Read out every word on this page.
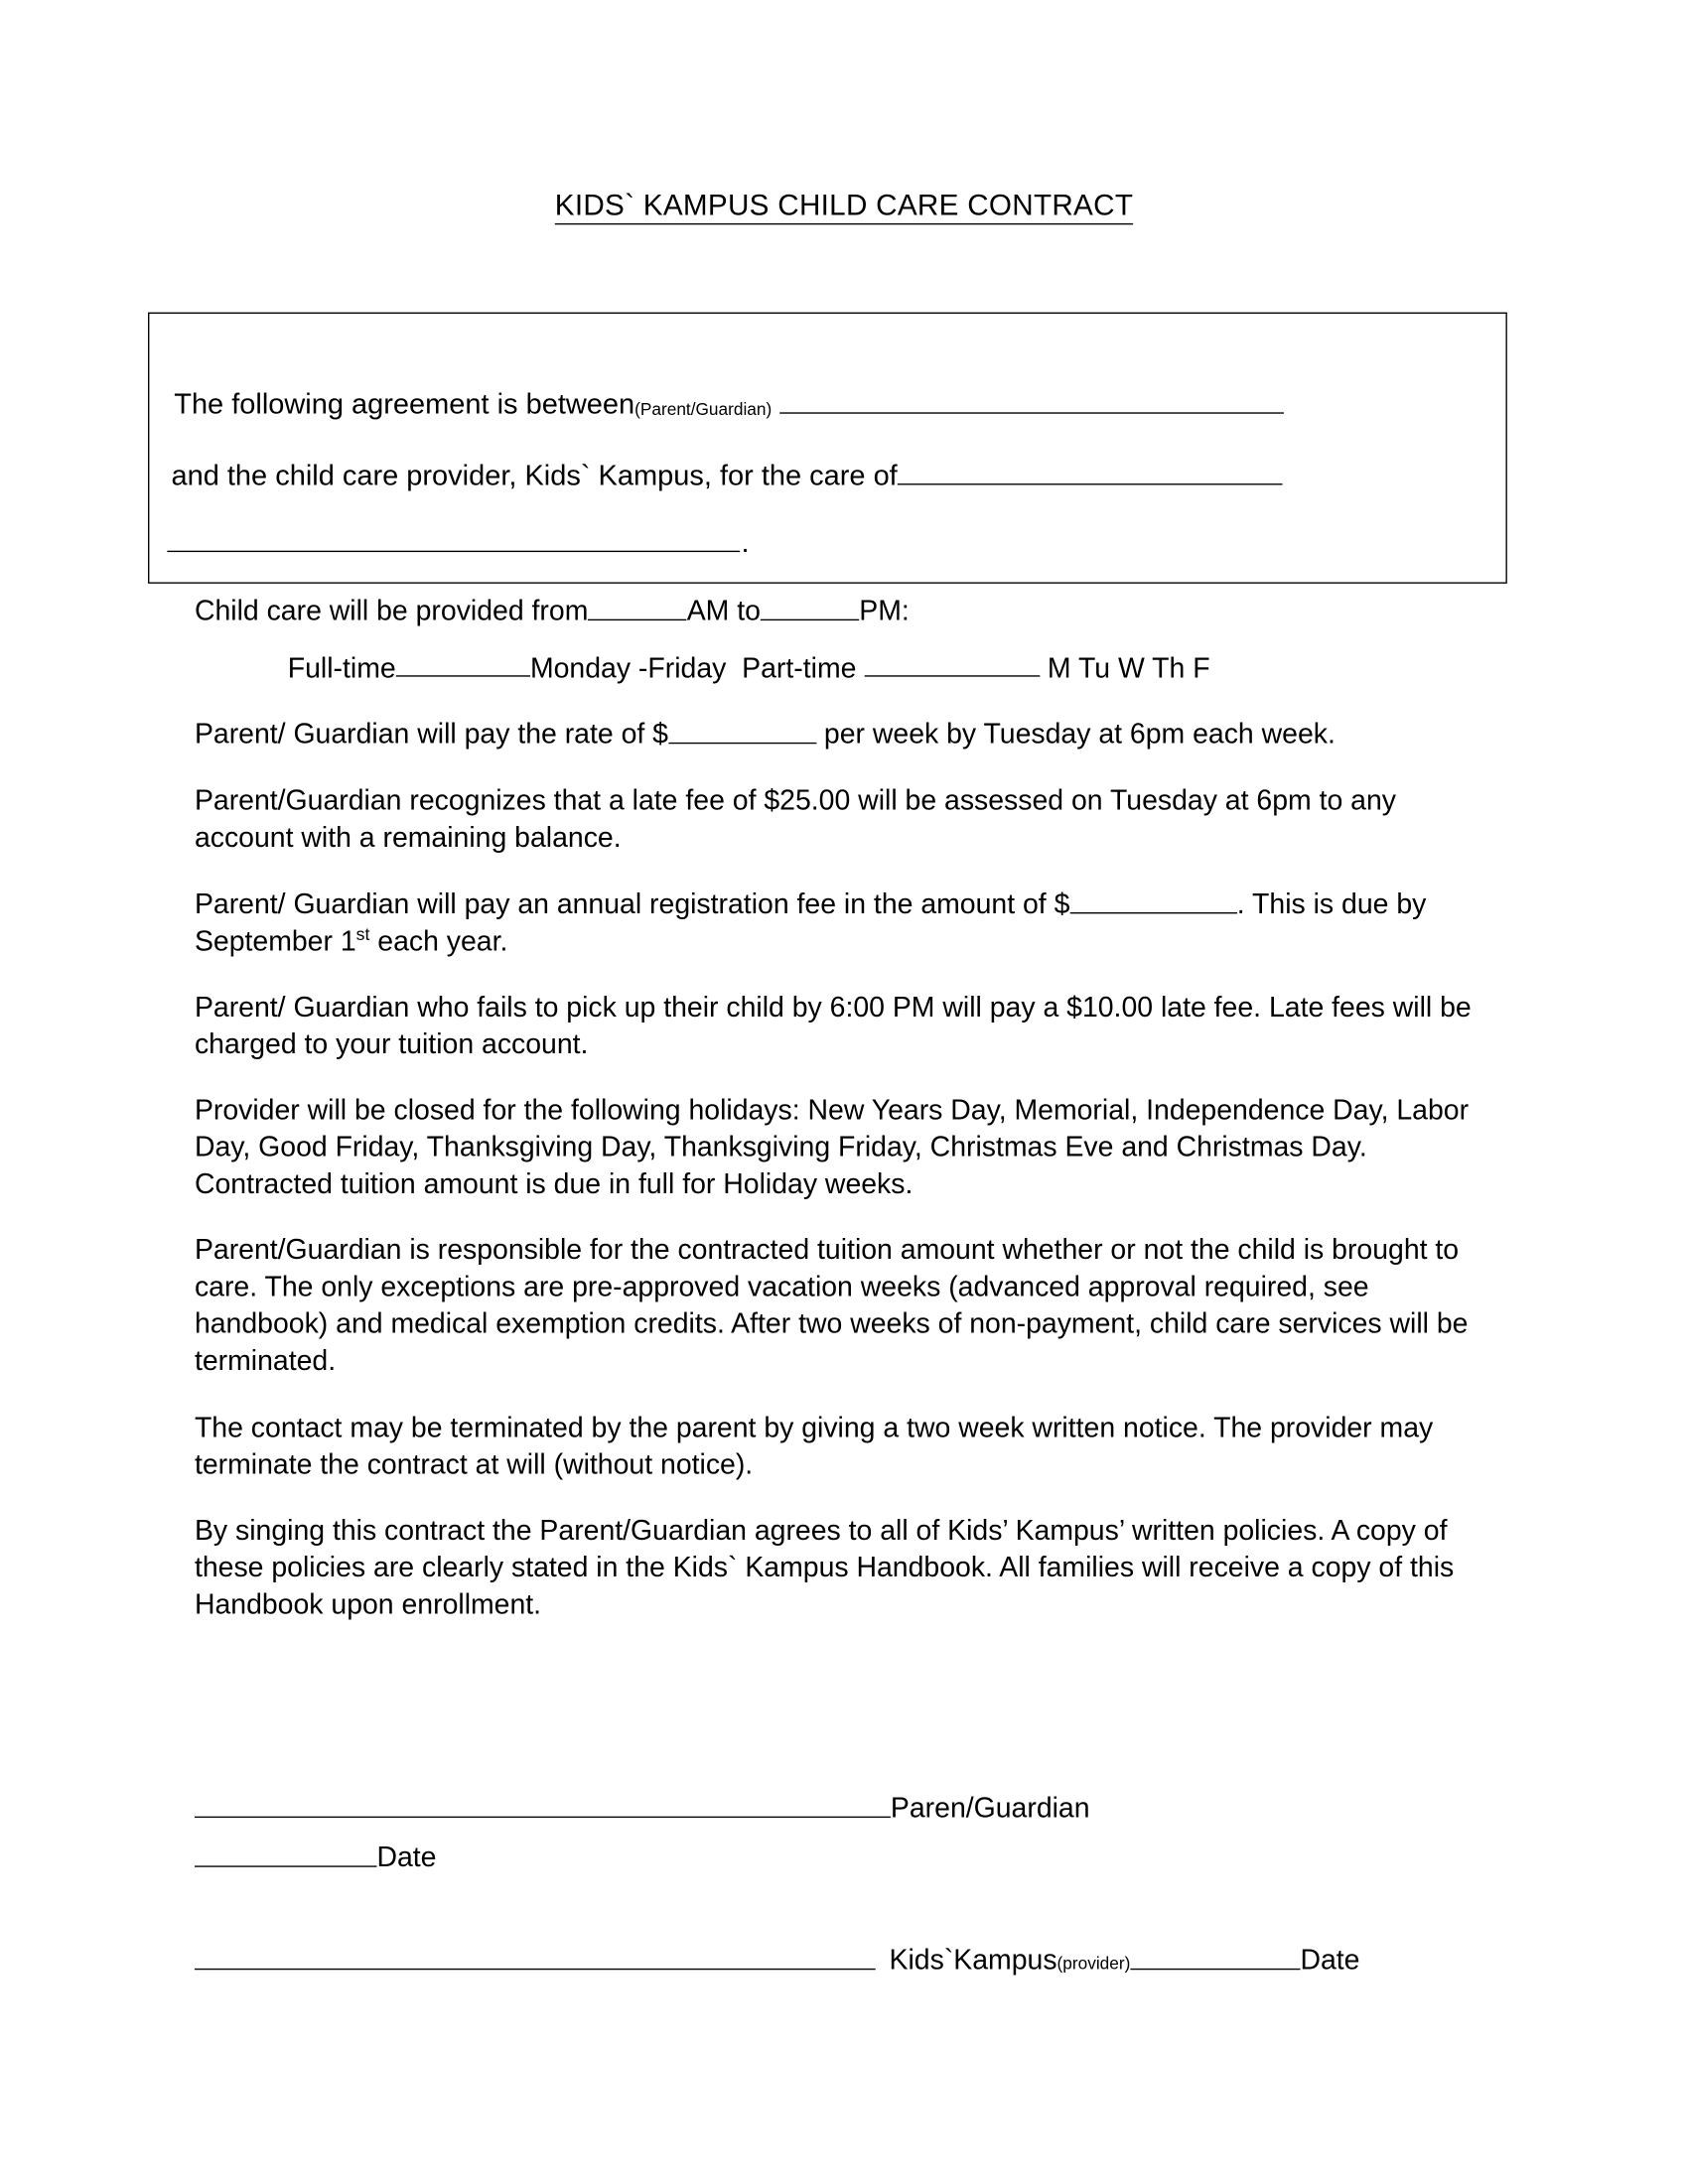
KIDS` KAMPUS CHILD CARE CONTRACT
The following agreement is between(Parent/Guardian)
and the child care provider, Kids` Kampus, for the care of
.

Child care will be provided from	AM to	PM:

Full-time	Monday -Friday Part-time	M Tu W Th F

Parent/ Guardian will pay the rate of $	per week by Tuesday at 6pm each week.

Parent/Guardian recognizes that a late fee of $25.00 will be assessed on Tuesday at 6pm to any account with a remaining balance.

Parent/ Guardian will pay an annual registration fee in the amount of $	. This is due by September 1st each year.

Parent/ Guardian who fails to pick up their child by 6:00 PM will pay a $10.00 late fee. Late fees will be charged to your tuition account.

Provider will be closed for the following holidays: New Years Day, Memorial, Independence Day, Labor Day, Good Friday, Thanksgiving Day, Thanksgiving Friday, Christmas Eve and Christmas Day. Contracted tuition amount is due in full for Holiday weeks.

Parent/Guardian is responsible for the contracted tuition amount whether or not the child is brought to care. The only exceptions are pre-approved vacation weeks (advanced approval required, see handbook) and medical exemption credits. After two weeks of non-payment, child care services will be terminated.

The contact may be terminated by the parent by giving a two week written notice. The provider may terminate the contract at will (without notice).

By singing this contract the Parent/Guardian agrees to all of Kids’ Kampus’ written policies. A copy of these policies are clearly stated in the Kids` Kampus Handbook. All families will receive a copy of this Handbook upon enrollment.

Paren/Guardian
Date
Kids`Kampus(provider)	Date
